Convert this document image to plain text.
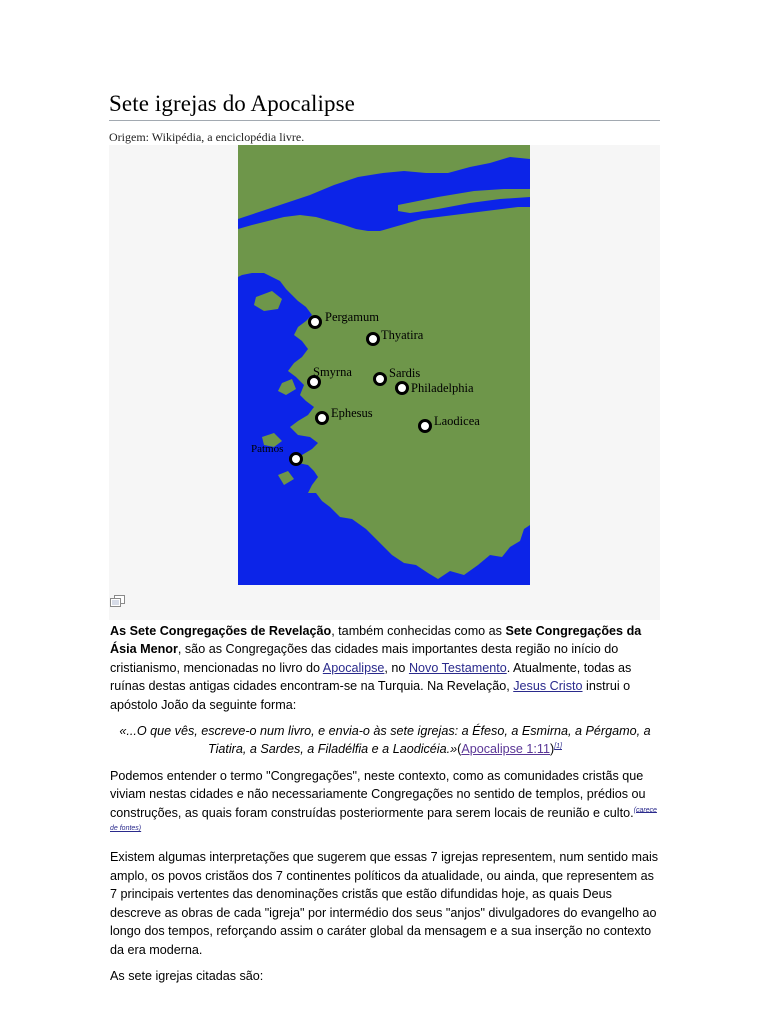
Sete igrejas do Apocalipse
Origem: Wikipédia, a enciclopédia livre.
Pergamum
Thyatira
Smyrna	Sardis
Philadelphia
Ephesus
Laodicea
Patmos

As Sete Congregações de Revelação, também conhecidas como as Sete Congregações da Ásia Menor, são as Congregações das cidades mais importantes desta região no início do cristianismo, mencionadas no livro do Apocalipse, no Novo Testamento. Atualmente, todas as ruínas destas antigas cidades encontram-se na Turquia. Na Revelação, Jesus Cristo instrui o apóstolo João da seguinte forma:

«...O que vês, escreve-o num livro, e envia-o às sete igrejas: a Éfeso, a Esmirna, a Pérgamo, a Tiatira, a Sardes, a Filadélfia e a Laodicéia.»(Apocalipse 1:11)[1]

Podemos entender o termo "Congregações", neste contexto, como as comunidades cristãs que viviam nestas cidades e não necessariamente Congregações no sentido de templos, prédios ou construções, as quais foram construídas posteriormente para serem locais de reunião e culto.$^{(carece de fontes)}$

Existem algumas interpretações que sugerem que essas 7 igrejas representem, num sentido mais amplo, os povos cristãos dos 7 continentes políticos da atualidade, ou ainda, que representem as 7 principais vertentes das denominações cristãs que estão difundidas hoje, as quais Deus descreve as obras de cada "igreja" por intermédio dos seus "anjos" divulgadores do evangelho ao longo dos tempos, reforçando assim o caráter global da mensagem e a sua inserção no contexto da era moderna.

As sete igrejas citadas são:
